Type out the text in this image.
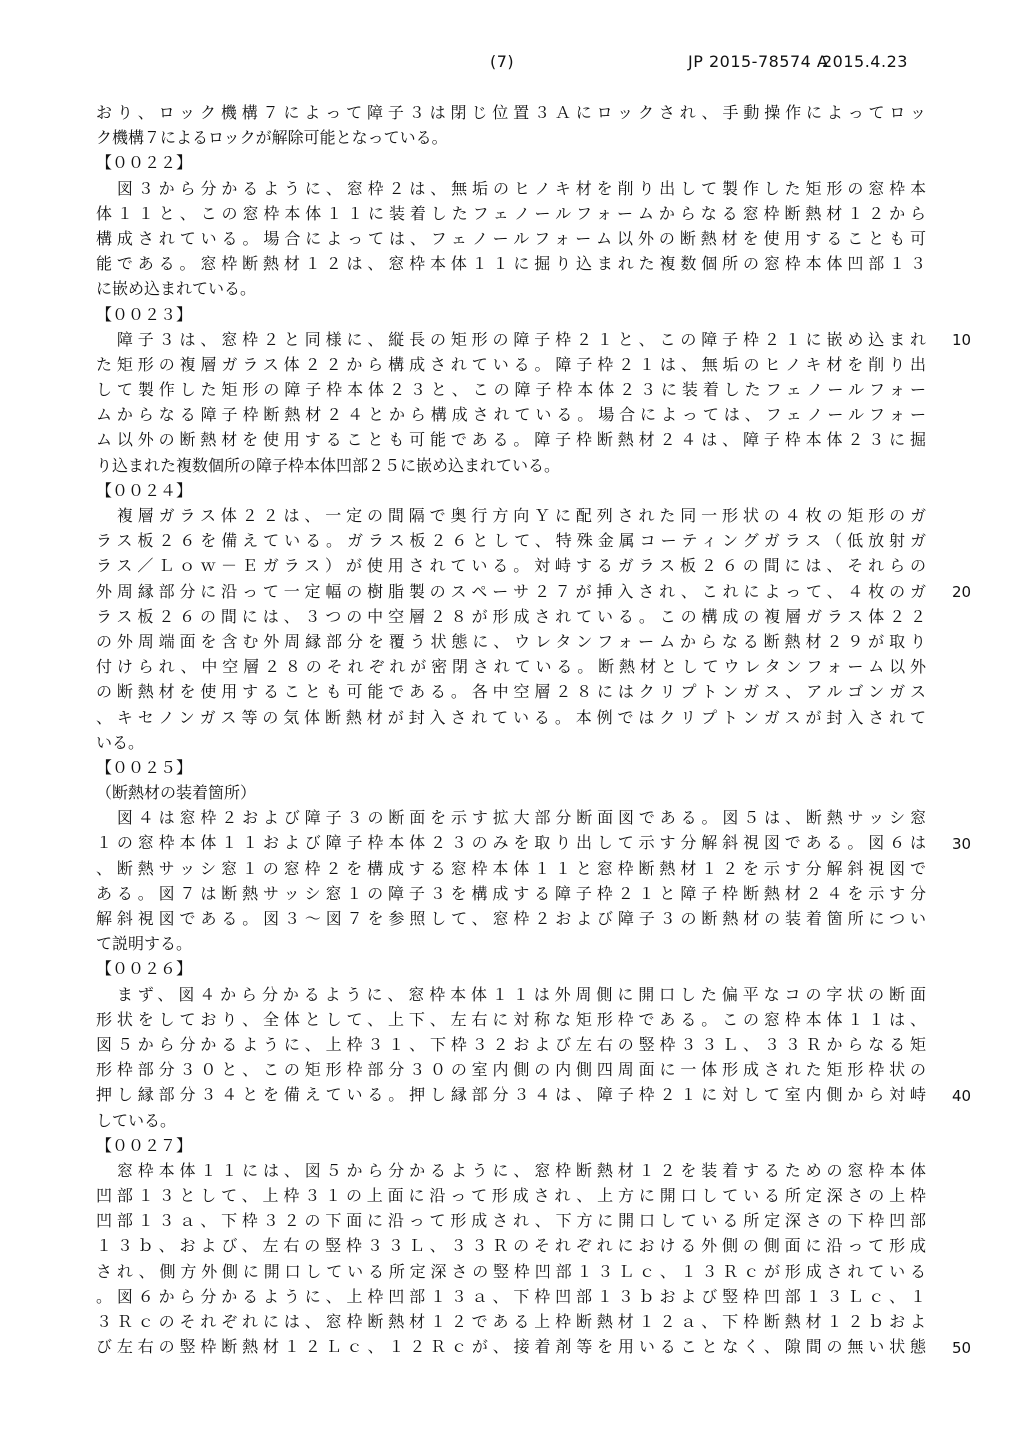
(7)	JP 2015-78574 A
2015.4.23
おり、ロック機構７によって障子３は閉じ位置３Ａにロックされ、手動操作によってロッ
ク機構７によるロックが解除可能となっている。
【００２２】
　図３から分かるように、窓枠２は、無垢のヒノキ材を削り出して製作した矩形の窓枠本
体１１と、この窓枠本体１１に装着したフェノールフォームからなる窓枠断熱材１２から
構成されている。場合によっては、フェノールフォーム以外の断熱材を使用することも可
能である。窓枠断熱材１２は、窓枠本体１１に掘り込まれた複数個所の窓枠本体凹部１３
に嵌め込まれている。
【００２３】
　障子３は、窓枠２と同様に、縦長の矩形の障子枠２１と、この障子枠２１に嵌め込まれ
た矩形の複層ガラス体２２から構成されている。障子枠２１は、無垢のヒノキ材を削り出
して製作した矩形の障子枠本体２３と、この障子枠本体２３に装着したフェノールフォー
ムからなる障子枠断熱材２４とから構成されている。場合によっては、フェノールフォー
ム以外の断熱材を使用することも可能である。障子枠断熱材２４は、障子枠本体２３に掘
り込まれた複数個所の障子枠本体凹部２５に嵌め込まれている。
【００２４】
　複層ガラス体２２は、一定の間隔で奥行方向Ｙに配列された同一形状の４枚の矩形のガ
ラス板２６を備えている。ガラス板２６として、特殊金属コーティングガラス（低放射ガ
ラス／Ｌｏｗ－Ｅガラス）が使用されている。対峙するガラス板２６の間には、それらの
外周縁部分に沿って一定幅の樹脂製のスペーサ２７が挿入され、これによって、４枚のガ
ラス板２６の間には、３つの中空層２８が形成されている。この構成の複層ガラス体２２
の外周端面を含む外周縁部分を覆う状態に、ウレタンフォームからなる断熱材２９が取り
付けられ、中空層２８のそれぞれが密閉されている。断熱材としてウレタンフォーム以外
の断熱材を使用することも可能である。各中空層２８にはクリプトンガス、アルゴンガス
、キセノンガス等の気体断熱材が封入されている。本例ではクリプトンガスが封入されて
いる。
【００２５】
（断熱材の装着箇所）
　図４は窓枠２および障子３の断面を示す拡大部分断面図である。図５は、断熱サッシ窓
１の窓枠本体１１および障子枠本体２３のみを取り出して示す分解斜視図である。図６は
、断熱サッシ窓１の窓枠２を構成する窓枠本体１１と窓枠断熱材１２を示す分解斜視図で
ある。図７は断熱サッシ窓１の障子３を構成する障子枠２１と障子枠断熱材２４を示す分
解斜視図である。図３～図７を参照して、窓枠２および障子３の断熱材の装着箇所につい
て説明する。
【００２６】
　まず、図４から分かるように、窓枠本体１１は外周側に開口した偏平なコの字状の断面
形状をしており、全体として、上下、左右に対称な矩形枠である。この窓枠本体１１は、
図５から分かるように、上枠３１、下枠３２および左右の竪枠３３Ｌ、３３Ｒからなる矩
形枠部分３０と、この矩形枠部分３０の室内側の内側四周面に一体形成された矩形枠状の
押し縁部分３４とを備えている。押し縁部分３４は、障子枠２１に対して室内側から対峙
している。
【００２７】
　窓枠本体１１には、図５から分かるように、窓枠断熱材１２を装着するための窓枠本体
凹部１３として、上枠３１の上面に沿って形成され、上方に開口している所定深さの上枠
凹部１３ａ、下枠３２の下面に沿って形成され、下方に開口している所定深さの下枠凹部
１３ｂ、および、左右の竪枠３３Ｌ、３３Ｒのそれぞれにおける外側の側面に沿って形成
され、側方外側に開口している所定深さの竪枠凹部１３Ｌｃ、１３Ｒｃが形成されている
。図６から分かるように、上枠凹部１３ａ、下枠凹部１３ｂおよび竪枠凹部１３Ｌｃ、１
３Ｒｃのそれぞれには、窓枠断熱材１２である上枠断熱材１２ａ、下枠断熱材１２ｂおよ
び左右の竪枠断熱材１２Ｌｃ、１２Ｒｃが、接着剤等を用いることなく、隙間の無い状態
10
20
30
40
50
